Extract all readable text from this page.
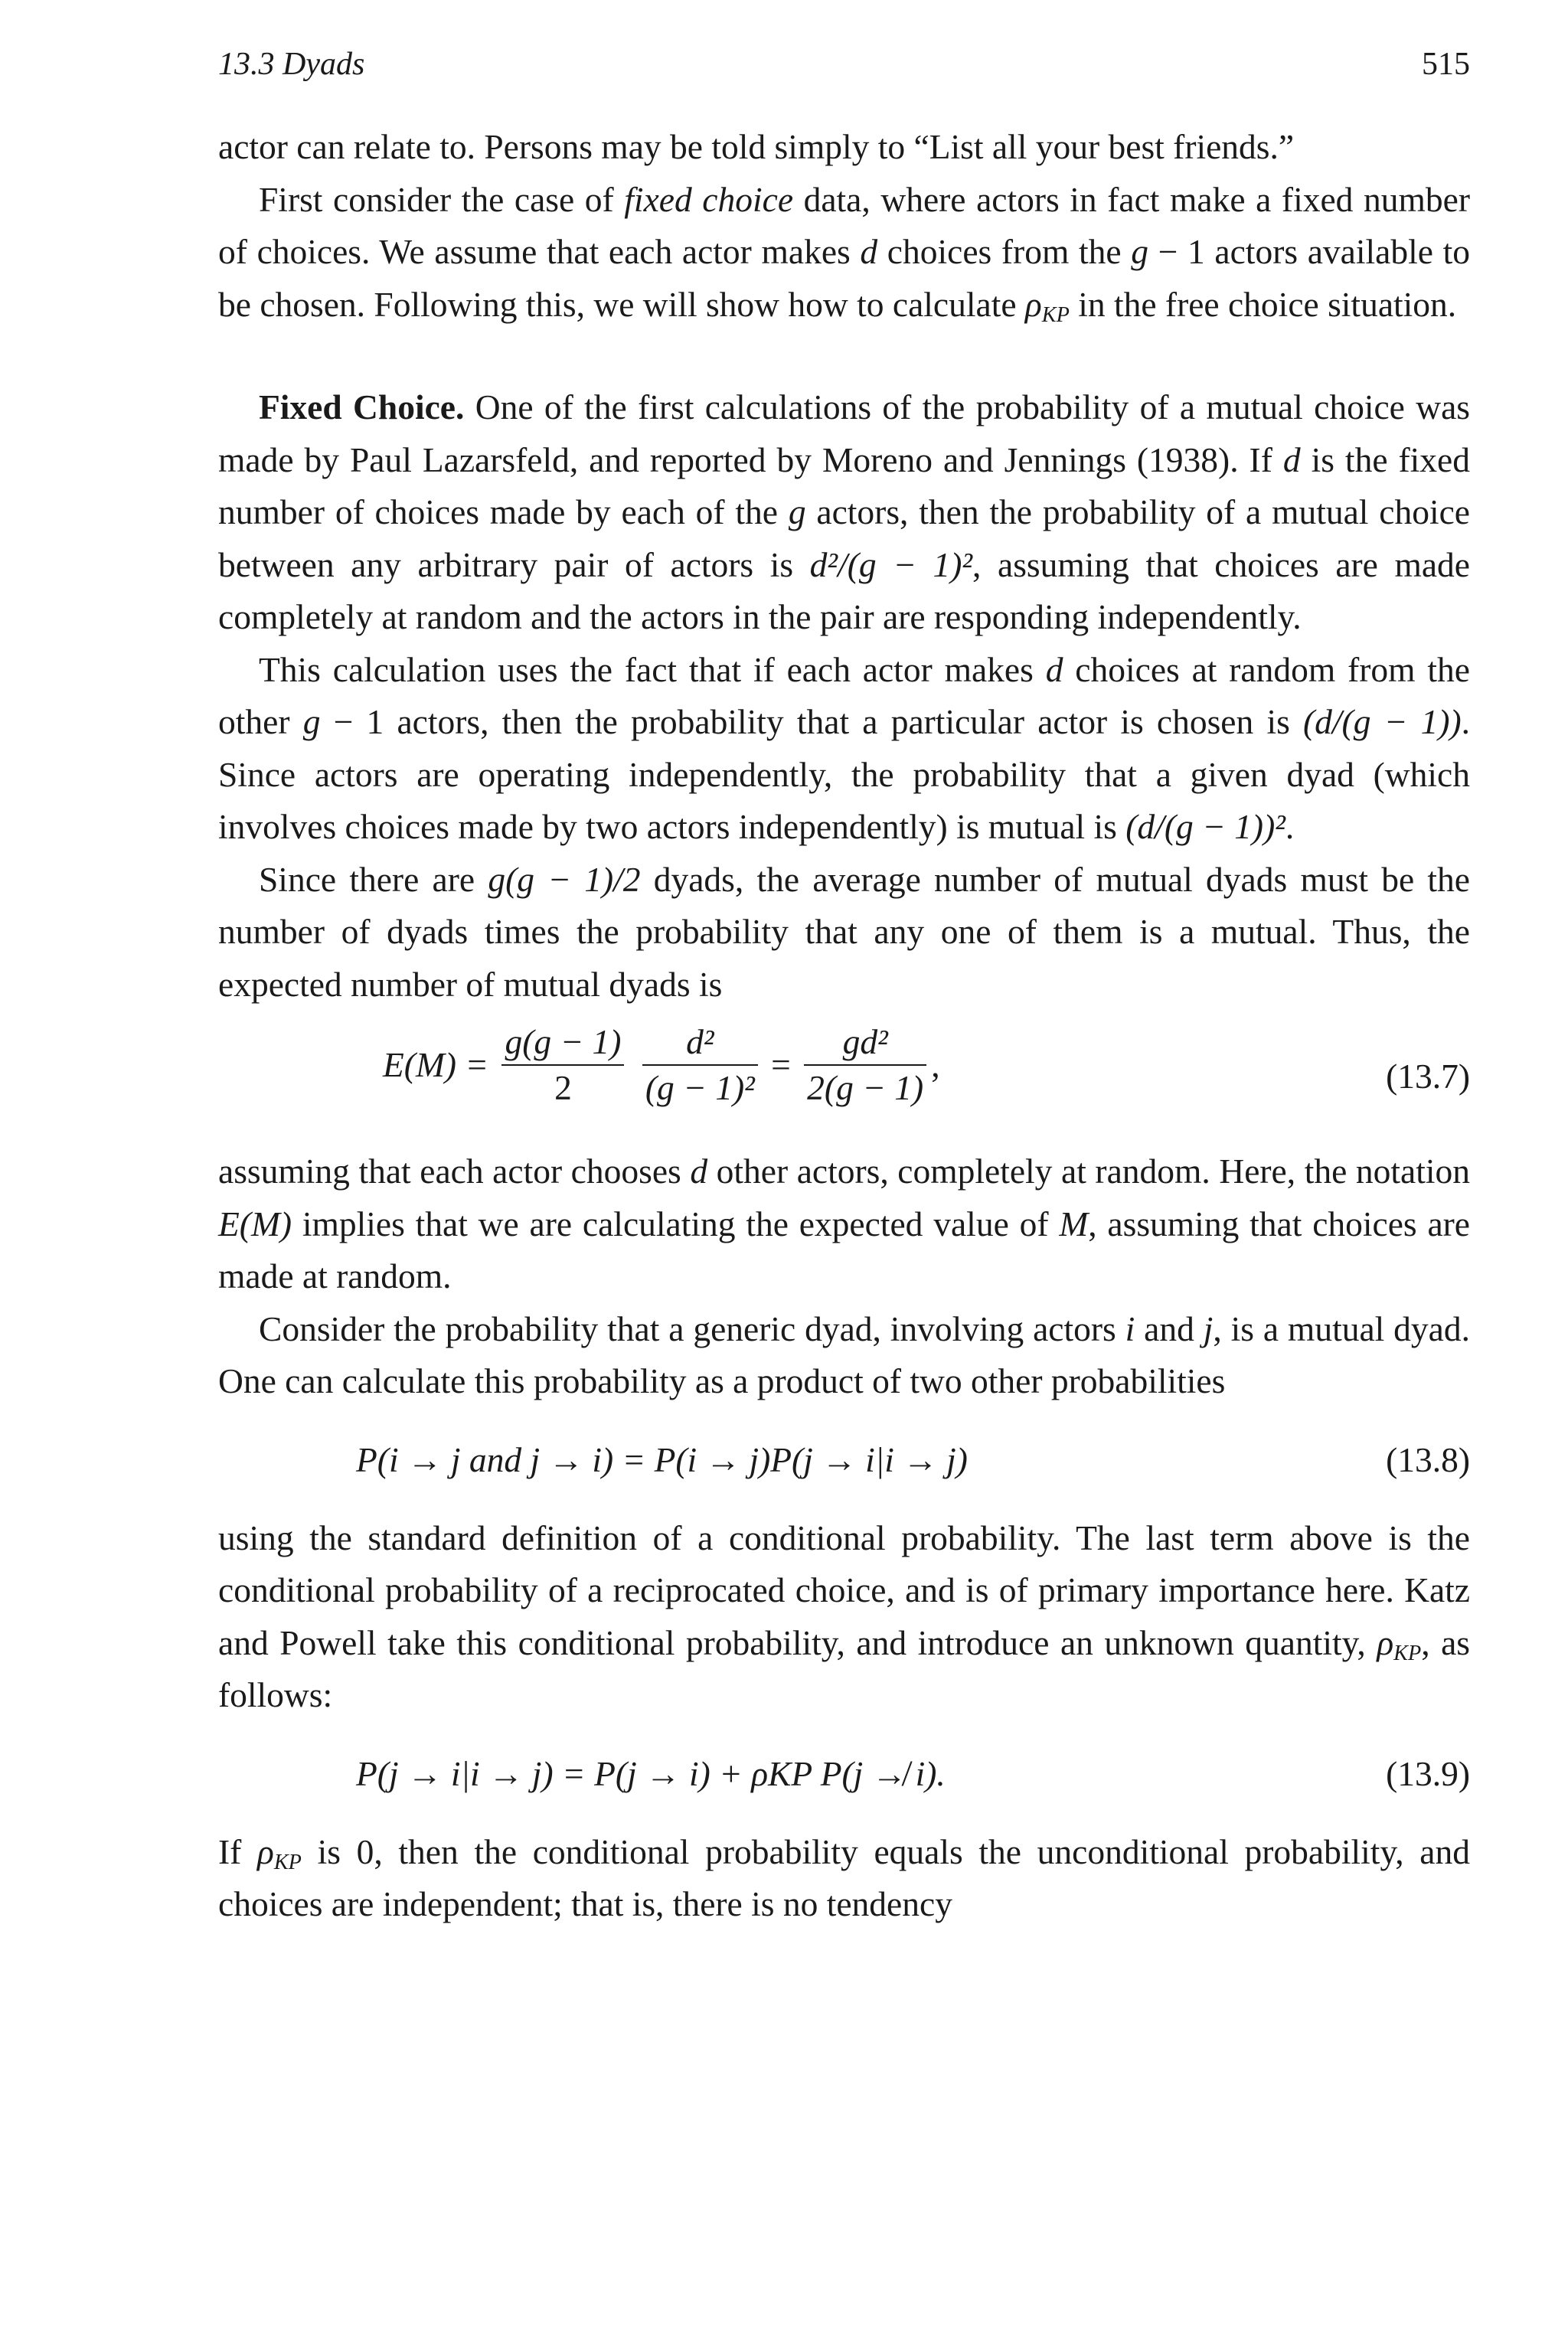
13.3 Dyads	515

actor can relate to. Persons may be told simply to “List all your best friends.”

First consider the case of fixed choice data, where actors in fact make a fixed number of choices. We assume that each actor makes d choices from the g − 1 actors available to be chosen. Following this, we will show how to calculate $\rho_{KP}$ in the free choice situation.

Fixed Choice. One of the first calculations of the probability of a mutual choice was made by Paul Lazarsfeld, and reported by Moreno and Jennings (1938). If d is the fixed number of choices made by each of the g actors, then the probability of a mutual choice between any arbitrary pair of actors is d²/(g − 1)², assuming that choices are made completely at random and the actors in the pair are responding independently.

This calculation uses the fact that if each actor makes d choices at random from the other g − 1 actors, then the probability that a particular actor is chosen is (d/(g − 1)). Since actors are operating independently, the probability that a given dyad (which involves choices made by two actors independently) is mutual is (d/(g − 1))².

Since there are g(g − 1)/2 dyads, the average number of mutual dyads must be the number of dyads times the probability that any one of them is a mutual. Thus, the expected number of mutual dyads is

$E(M) = \frac{g(g - 1)}{2}$
$\frac{\text{d²}}{\text{(g − 1)²}} = \frac{\text{gd²}}{2(g - 1)}$ ,	(13.7)

assuming that each actor chooses d other actors, completely at random. Here, the notation E(M) implies that we are calculating the expected value of M, assuming that choices are made at random.

Consider the probability that a generic dyad, involving actors i and j, is a mutual dyad. One can calculate this probability as a product of two other probabilities

P(i → j and j → i) = P(i → j)P(j → i|i → j)	(13.8)

using the standard definition of a conditional probability. The last term above is the conditional probability of a reciprocated choice, and is of primary importance here. Katz and Powell take this conditional probability, and introduce an unknown quantity, $\rho_{KP}$, as follows:

P(j → i|i → j) = P(j → i) + ρKP P(j ↛ i).	(13.9)

If $\rho_{KP}$ is 0, then the conditional probability equals the unconditional probability, and choices are independent; that is, there is no tendency
